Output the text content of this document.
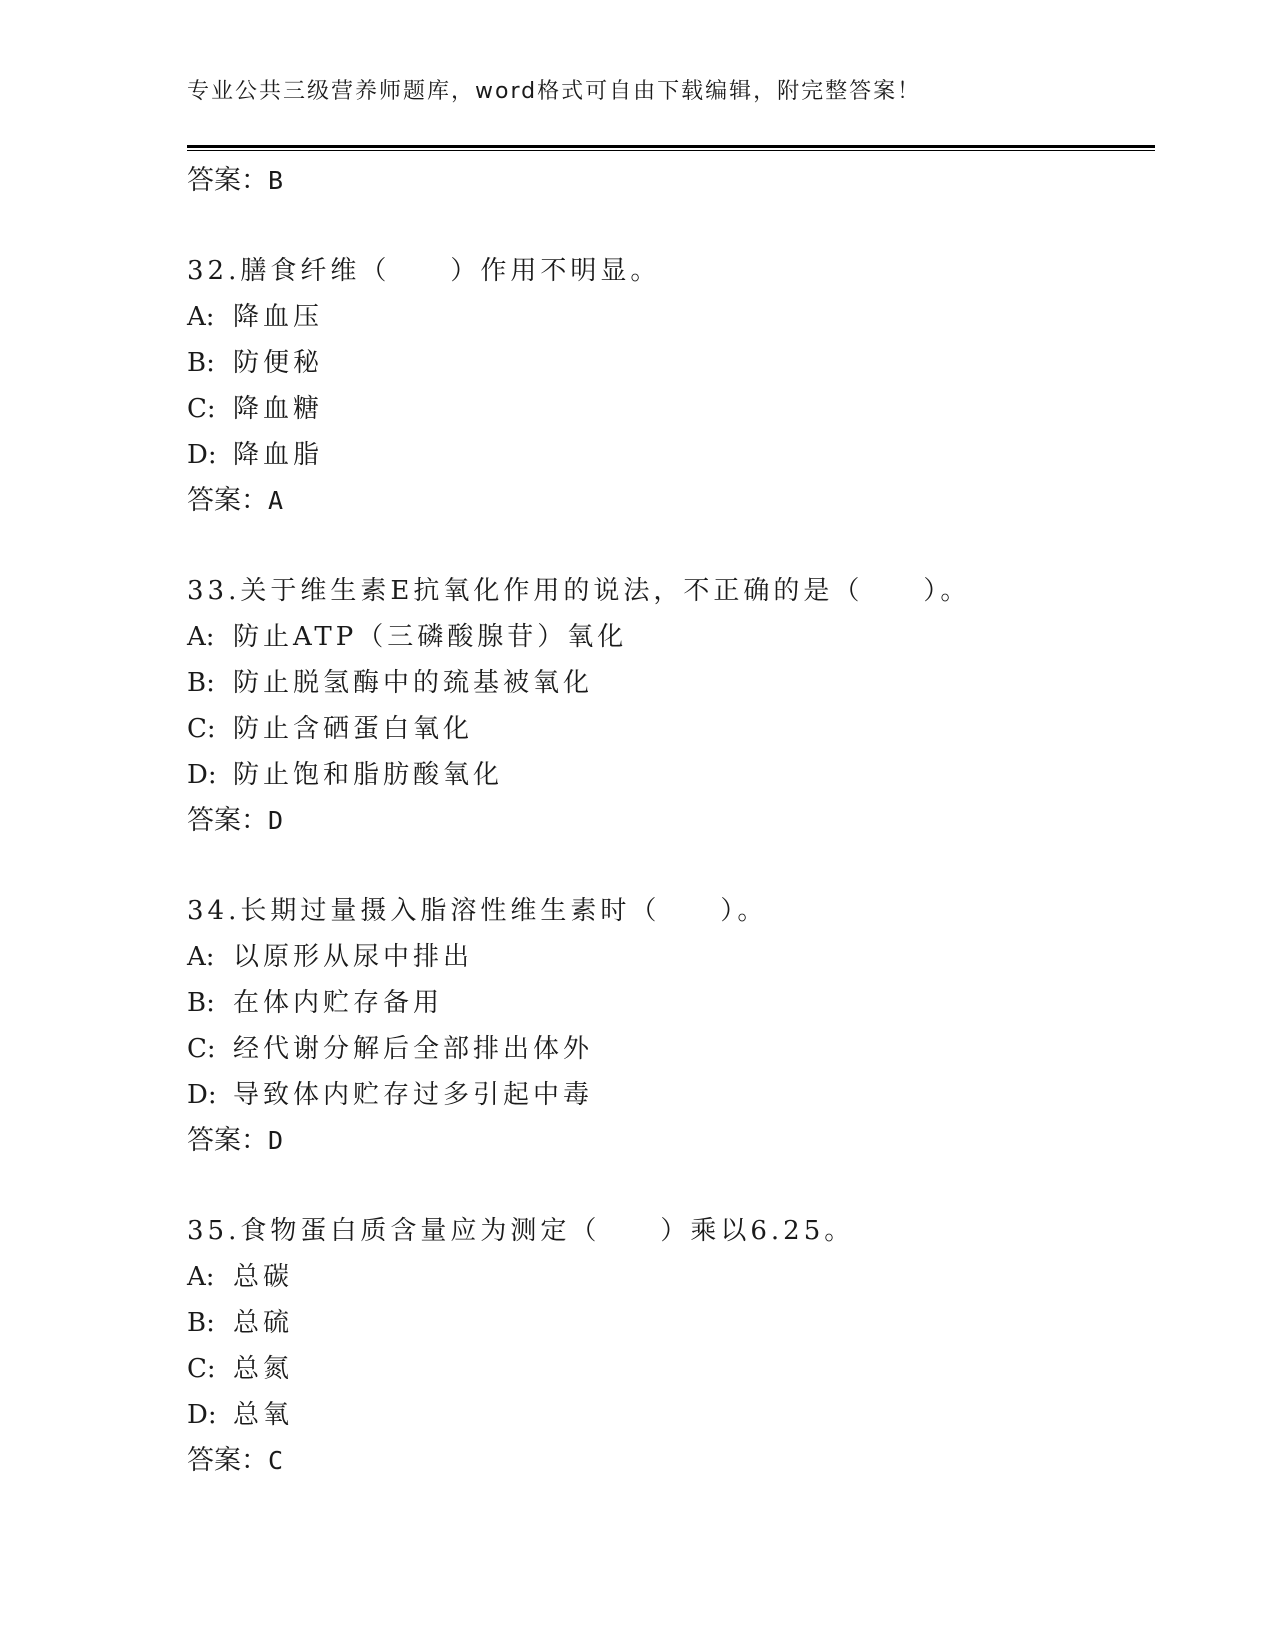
专业公共三级营养师题库，word格式可自由下载编辑，附完整答案！
答案：B
32.膳食纤维（　　）作用不明显。
A: 降血压
B: 防便秘
C: 降血糖
D: 降血脂
答案：A
33.关于维生素E抗氧化作用的说法，不正确的是（　　）。
A: 防止ATP（三磷酸腺苷）氧化
B: 防止脱氢酶中的巯基被氧化
C: 防止含硒蛋白氧化
D: 防止饱和脂肪酸氧化
答案：D
34.长期过量摄入脂溶性维生素时（　　）。
A: 以原形从尿中排出
B: 在体内贮存备用
C: 经代谢分解后全部排出体外
D: 导致体内贮存过多引起中毒
答案：D
35.食物蛋白质含量应为测定（　　）乘以6.25。
A: 总碳
B: 总硫
C: 总氮
D: 总氧
答案：C
